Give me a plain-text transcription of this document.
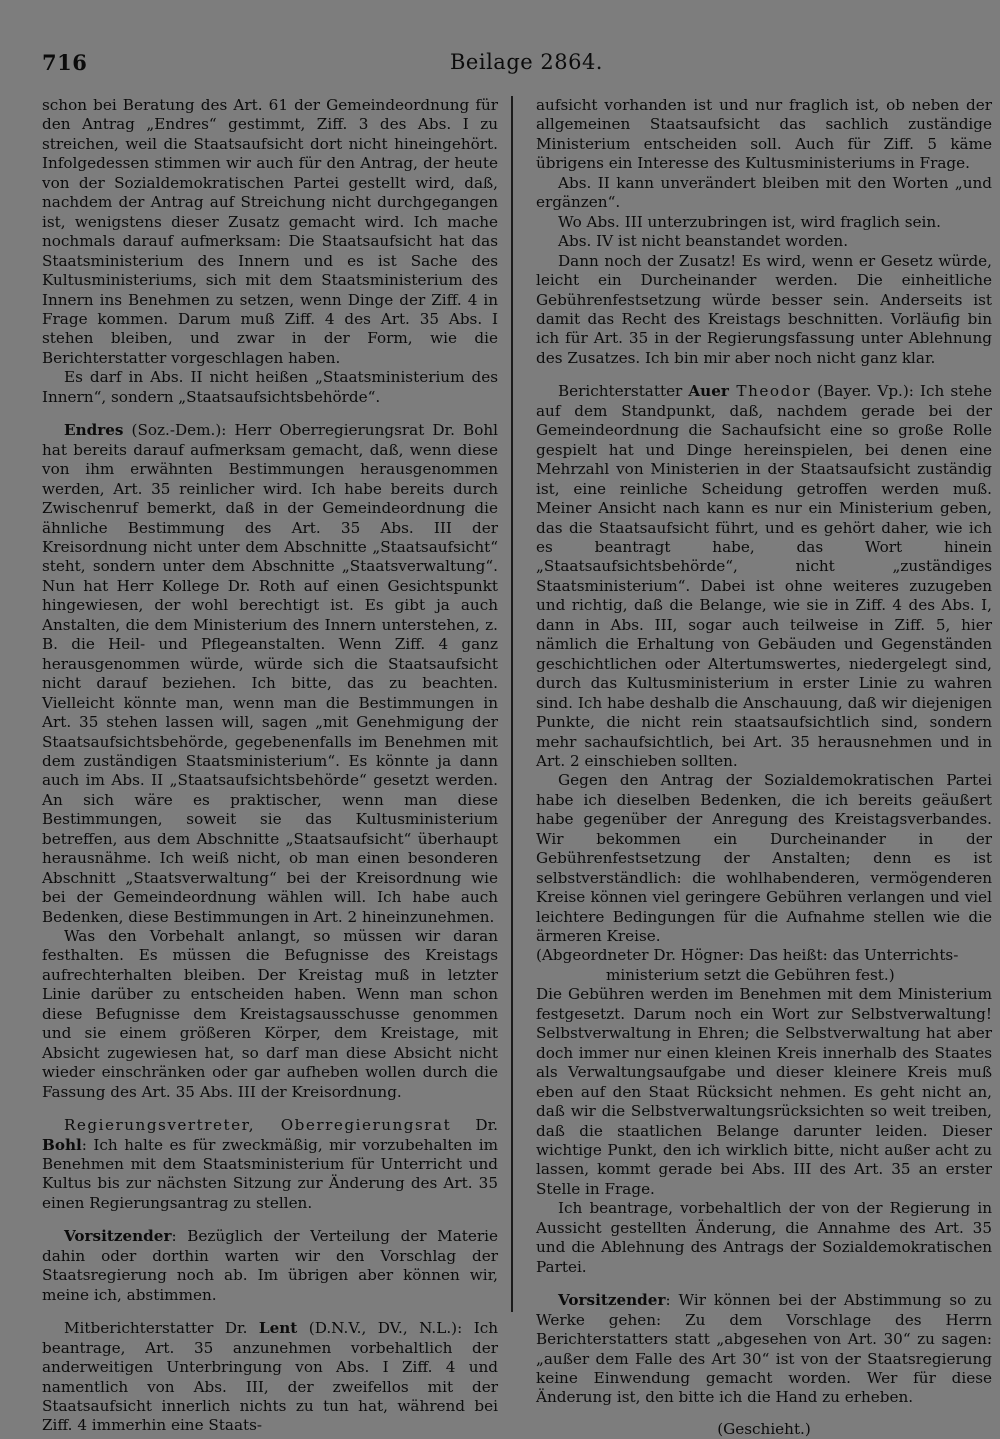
716	Beilage 2864.

schon bei Beratung des Art. 61 der Gemeindeordnung für den Antrag „Endres“ gestimmt, Ziff. 3 des Abs. I zu streichen, weil die Staatsaufsicht dort nicht hineingehört. Infolgedessen stimmen wir auch für den Antrag, der heute von der Sozialdemokratischen Partei gestellt wird, daß, nachdem der Antrag auf Streichung nicht durchgegangen ist, wenigstens dieser Zusatz gemacht wird. Ich mache nochmals darauf aufmerksam: Die Staatsaufsicht hat das Staatsministerium des Innern und es ist Sache des Kultusministeriums, sich mit dem Staatsministerium des Innern ins Benehmen zu setzen, wenn Dinge der Ziff. 4 in Frage kommen. Darum muß Ziff. 4 des Art. 35 Abs. I stehen bleiben, und zwar in der Form, wie die Berichterstatter vorgeschlagen haben.

Es darf in Abs. II nicht heißen „Staatsministerium des Innern“, sondern „Staatsaufsichtsbehörde“.

Endres (Soz.-Dem.): Herr Oberregierungsrat Dr. Bohl hat bereits darauf aufmerksam gemacht, daß, wenn diese von ihm erwähnten Bestimmungen herausgenommen werden, Art. 35 reinlicher wird. Ich habe bereits durch Zwischenruf bemerkt, daß in der Gemeindeordnung die ähnliche Bestimmung des Art. 35 Abs. III der Kreisordnung nicht unter dem Abschnitte „Staatsaufsicht“ steht, sondern unter dem Abschnitte „Staatsverwaltung“. Nun hat Herr Kollege Dr. Roth auf einen Gesichtspunkt hingewiesen, der wohl berechtigt ist. Es gibt ja auch Anstalten, die dem Ministerium des Innern unterstehen, z. B. die Heil- und Pflegeanstalten. Wenn Ziff. 4 ganz herausgenommen würde, würde sich die Staatsaufsicht nicht darauf beziehen. Ich bitte, das zu beachten. Vielleicht könnte man, wenn man die Bestimmungen in Art. 35 stehen lassen will, sagen „mit Genehmigung der Staatsaufsichtsbehörde, gegebenenfalls im Benehmen mit dem zuständigen Staatsministerium“. Es könnte ja dann auch im Abs. II „Staatsaufsichtsbehörde“ gesetzt werden. An sich wäre es praktischer, wenn man diese Bestimmungen, soweit sie das Kultusministerium betreffen, aus dem Abschnitte „Staatsaufsicht“ überhaupt herausnähme. Ich weiß nicht, ob man einen besonderen Abschnitt „Staatsverwaltung“ bei der Kreisordnung wie bei der Gemeindeordnung wählen will. Ich habe auch Bedenken, diese Bestimmungen in Art. 2 hineinzunehmen.

Was den Vorbehalt anlangt, so müssen wir daran festhalten. Es müssen die Befugnisse des Kreistags aufrechterhalten bleiben. Der Kreistag muß in letzter Linie darüber zu entscheiden haben. Wenn man schon diese Befugnisse dem Kreistagsausschusse genommen und sie einem größeren Körper, dem Kreistage, mit Absicht zugewiesen hat, so darf man diese Absicht nicht wieder einschränken oder gar aufheben wollen durch die Fassung des Art. 35 Abs. III der Kreisordnung.

Regierungsvertreter, Oberregierungsrat Dr. Bohl: Ich halte es für zweckmäßig, mir vorzubehalten im Benehmen mit dem Staatsministerium für Unterricht und Kultus bis zur nächsten Sitzung zur Änderung des Art. 35 einen Regierungsantrag zu stellen.

Vorsitzender: Bezüglich der Verteilung der Materie dahin oder dorthin warten wir den Vorschlag der Staatsregierung noch ab. Im übrigen aber können wir, meine ich, abstimmen.

Mitberichterstatter Dr. Lent (D.N.V., DV., N.L.): Ich beantrage, Art. 35 anzunehmen vorbehaltlich der anderweitigen Unterbringung von Abs. I Ziff. 4 und namentlich von Abs. III, der zweifellos mit der Staatsaufsicht innerlich nichts zu tun hat, während bei Ziff. 4 immerhin eine Staats-

aufsicht vorhanden ist und nur fraglich ist, ob neben der allgemeinen Staatsaufsicht das sachlich zuständige Ministerium entscheiden soll. Auch für Ziff. 5 käme übrigens ein Interesse des Kultusministeriums in Frage.

Abs. II kann unverändert bleiben mit den Worten „und ergänzen“.

Wo Abs. III unterzubringen ist, wird fraglich sein.

Abs. IV ist nicht beanstandet worden.

Dann noch der Zusatz! Es wird, wenn er Gesetz würde, leicht ein Durcheinander werden. Die einheitliche Gebührenfestsetzung würde besser sein. Anderseits ist damit das Recht des Kreistags beschnitten. Vorläufig bin ich für Art. 35 in der Regierungsfassung unter Ablehnung des Zusatzes. Ich bin mir aber noch nicht ganz klar.

Berichterstatter Auer Theodor (Bayer. Vp.): Ich stehe auf dem Standpunkt, daß, nachdem gerade bei der Gemeindeordnung die Sachaufsicht eine so große Rolle gespielt hat und Dinge hereinspielen, bei denen eine Mehrzahl von Ministerien in der Staatsaufsicht zuständig ist, eine reinliche Scheidung getroffen werden muß. Meiner Ansicht nach kann es nur ein Ministerium geben, das die Staatsaufsicht führt, und es gehört daher, wie ich es beantragt habe, das Wort hinein „Staatsaufsichtsbehörde“, nicht „zuständiges Staatsministerium“. Dabei ist ohne weiteres zuzugeben und richtig, daß die Belange, wie sie in Ziff. 4 des Abs. I, dann in Abs. III, sogar auch teilweise in Ziff. 5, hier nämlich die Erhaltung von Gebäuden und Gegenständen geschichtlichen oder Altertumswertes, niedergelegt sind, durch das Kultusministerium in erster Linie zu wahren sind. Ich habe deshalb die Anschauung, daß wir diejenigen Punkte, die nicht rein staatsaufsichtlich sind, sondern mehr sachaufsichtlich, bei Art. 35 herausnehmen und in Art. 2 einschieben sollten.

Gegen den Antrag der Sozialdemokratischen Partei habe ich dieselben Bedenken, die ich bereits geäußert habe gegenüber der Anregung des Kreistagsverbandes. Wir bekommen ein Durcheinander in der Gebührenfestsetzung der Anstalten; denn es ist selbstverständlich: die wohlhabenderen, vermögenderen Kreise können viel geringere Gebühren verlangen und viel leichtere Bedingungen für die Aufnahme stellen wie die ärmeren Kreise.

(Abgeordneter Dr. Högner: Das heißt: das Unterrichts-
ministerium setzt die Gebühren fest.)

Die Gebühren werden im Benehmen mit dem Ministerium festgesetzt. Darum noch ein Wort zur Selbstverwaltung! Selbstverwaltung in Ehren; die Selbstverwaltung hat aber doch immer nur einen kleinen Kreis innerhalb des Staates als Verwaltungsaufgabe und dieser kleinere Kreis muß eben auf den Staat Rücksicht nehmen. Es geht nicht an, daß wir die Selbstverwaltungsrücksichten so weit treiben, daß die staatlichen Belange darunter leiden. Dieser wichtige Punkt, den ich wirklich bitte, nicht außer acht zu lassen, kommt gerade bei Abs. III des Art. 35 an erster Stelle in Frage.

Ich beantrage, vorbehaltlich der von der Regierung in Aussicht gestellten Änderung, die Annahme des Art. 35 und die Ablehnung des Antrags der Sozialdemokratischen Partei.

Vorsitzender: Wir können bei der Abstimmung so zu Werke gehen: Zu dem Vorschlage des Herrn Berichterstatters statt „abgesehen von Art. 30“ zu sagen: „außer dem Falle des Art 30“ ist von der Staatsregierung keine Einwendung gemacht worden. Wer für diese Änderung ist, den bitte ich die Hand zu erheben.

(Geschieht.)
